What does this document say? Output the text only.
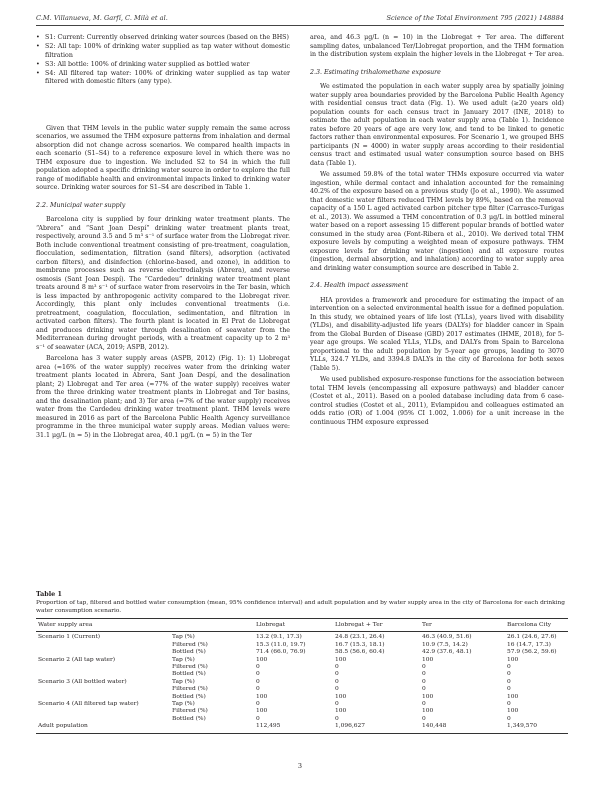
C.M. Villanueva, M. Garfí, C. Milà et al.	Science of the Total Environment 795 (2021) 148884
• S1: Current: Currently observed drinking water sources (based on the BHS)
• S2: All tap: 100% of drinking water supplied as tap water without domestic filtration
• S3: All bottle: 100% of drinking water supplied as bottled water
• S4: All filtered tap water: 100% of drinking water supplied as tap water filtered with domestic filters (any type).

Given that THM levels in the public water supply remain the same across scenarios, we assumed the THM exposure patterns from inhalation and dermal absorption did not change across scenarios. We compared health impacts in each scenario (S1–S4) to a reference exposure level in which there was no THM exposure due to ingestion. We included S2 to S4 in which the full population adopted a specific drinking water source in order to explore the full range of modifiable health and environmental impacts linked to drinking water source. Drinking water sources for S1–S4 are described in Table 1.

2.2. Municipal water supply

Barcelona city is supplied by four drinking water treatment plants. The “Abrera” and “Sant Joan Despí” drinking water treatment plants treat, respectively, around 3.5 and 5 m³ s⁻¹ of surface water from the Llobregat river. Both include conventional treatment consisting of pre-treatment, coagulation, flocculation, sedimentation, filtration (sand filters), adsorption (activated carbon filters), and disinfection (chlorine-based, and ozone), in addition to membrane processes such as reverse electrodialysis (Abrera), and reverse osmosis (Sant Joan Despí). The “Cardedeu” drinking water treatment plant treats around 8 m³ s⁻¹ of surface water from reservoirs in the Ter basin, which is less impacted by anthropogenic activity compared to the Llobregat river. Accordingly, this plant only includes conventional treatments (i.e. pretreatment, coagulation, flocculation, sedimentation, and filtration in activated carbon filters). The fourth plant is located in El Prat de Llobregat and produces drinking water through desalination of seawater from the Mediterranean during drought periods, with a treatment capacity up to 2 m³ s⁻¹ of seawater (ACA, 2019; ASPB, 2012).

Barcelona has 3 water supply areas (ASPB, 2012) (Fig. 1): 1) Llobregat area (≈16% of the water supply) receives water from the drinking water treatment plants located in Abrera, Sant Joan Despí, and the desalination plant; 2) Llobregat and Ter area (≈77% of the water supply) receives water from the three drinking water treatment plants in Llobregat and Ter basins, and the desalination plant; and 3) Ter area (≈7% of the water supply) receives water from the Cardedeu drinking water treatment plant. THM levels were measured in 2016 as part of the Barcelona Public Health Agency surveillance programme in the three municipal water supply areas. Median values were: 31.1 μg/L (n = 5) in the Llobregat area, 40.1 μg/L (n = 5) in the Ter

area, and 46.3 μg/L (n = 10) in the Llobregat + Ter area. The different sampling dates, unbalanced Ter/Llobregat proportion, and the THM formation in the distribution system explain the higher levels in the Llobregat + Ter area.

2.3. Estimating trihalomethane exposure

We estimated the population in each water supply area by spatially joining water supply area boundaries provided by the Barcelona Public Health Agency with residential census tract data (Fig. 1). We used adult (≥20 years old) population counts for each census tract in January 2017 (INE, 2018) to estimate the adult population in each water supply area (Table 1). Incidence rates before 20 years of age are very low, and tend to be linked to genetic factors rather than environmental exposures. For Scenario 1, we grouped BHS participants (N = 4000) in water supply areas according to their residential census tract and estimated usual water consumption source based on BHS data (Table 1).

We assumed 59.8% of the total water THMs exposure occurred via water ingestion, while dermal contact and inhalation accounted for the remaining 40.2% of the exposure based on a previous study (Jo et al., 1990). We assumed that domestic water filters reduced THM levels by 89%, based on the removal capacity of a 150 L aged activated carbon pitcher type filter (Carrasco-Turigas et al., 2013). We assumed a THM concentration of 0.3 μg/L in bottled mineral water based on a report assessing 15 different popular brands of bottled water consumed in the study area (Font-Ribera et al., 2010). We derived total THM exposure levels by computing a weighted mean of exposure pathways. THM exposure levels for drinking water (ingestion) and all exposure routes (ingestion, dermal absorption, and inhalation) according to water supply area and drinking water consumption source are described in Table 2.

2.4. Health impact assessment

HIA provides a framework and procedure for estimating the impact of an intervention on a selected environmental health issue for a defined population. In this study, we obtained years of life lost (YLLs), years lived with disability (YLDs), and disability-adjusted life years (DALYs) for bladder cancer in Spain from the Global Burden of Disease (GBD) 2017 estimates (IHME, 2018), for 5-year age groups. We scaled YLLs, YLDs, and DALYs from Spain to Barcelona proportional to the adult population by 5-year age groups, leading to 3070 YLLs, 324.7 YLDs, and 3394.8 DALYs in the city of Barcelona for both sexes (Table 5).

We used published exposure-response functions for the association between total THM levels (encompassing all exposure pathways) and bladder cancer (Costet et al., 2011). Based on a pooled database including data from 6 case-control studies (Costet et al., 2011), Evlampidou and colleagues estimated an odds ratio (OR) of 1.004 (95% CI 1.002, 1.006) for a unit increase in the continuous THM exposure expressed

Table 1
Proportion of tap, filtered and bottled water consumption (mean, 95% confidence interval) and adult population and by water supply area in the city of Barcelona for each drinking water consumption scenario.
Water supply area		Llobregat	Llobregat + Ter	Ter	Barcelona City
Scenario 1 (Current)	Tap (%)	13.2 (9.1, 17.3)	24.8 (23.1, 26.4)	46.3 (40.9, 51.6)	26.1 (24.6, 27.6)
	Filtered (%)	15.3 (11.0, 19.7)	16.7 (15.3, 18.1)	10.9 (7.5, 14.2)	16 (14.7, 17.3)
	Bottled (%)	71.4 (66.0, 76.9)	58.5 (56.6, 60.4)	42.9 (37.6, 48.1)	57.9 (56.2, 59.6)
Scenario 2 (All tap water)	Tap (%)	100	100	100	100
	Filtered (%)	0	0	0	0
	Bottled (%)	0	0	0	0
Scenario 3 (All bottled water)	Tap (%)	0	0	0	0
	Filtered (%)	0	0	0	0
	Bottled (%)	100	100	100	100
Scenario 4 (All filtered tap water)	Tap (%)	0	0	0	0
	Filtered (%)	100	100	100	100
	Bottled (%)	0	0	0	0
Adult population		112,495	1,096,627	140,448	1,349,570
3
